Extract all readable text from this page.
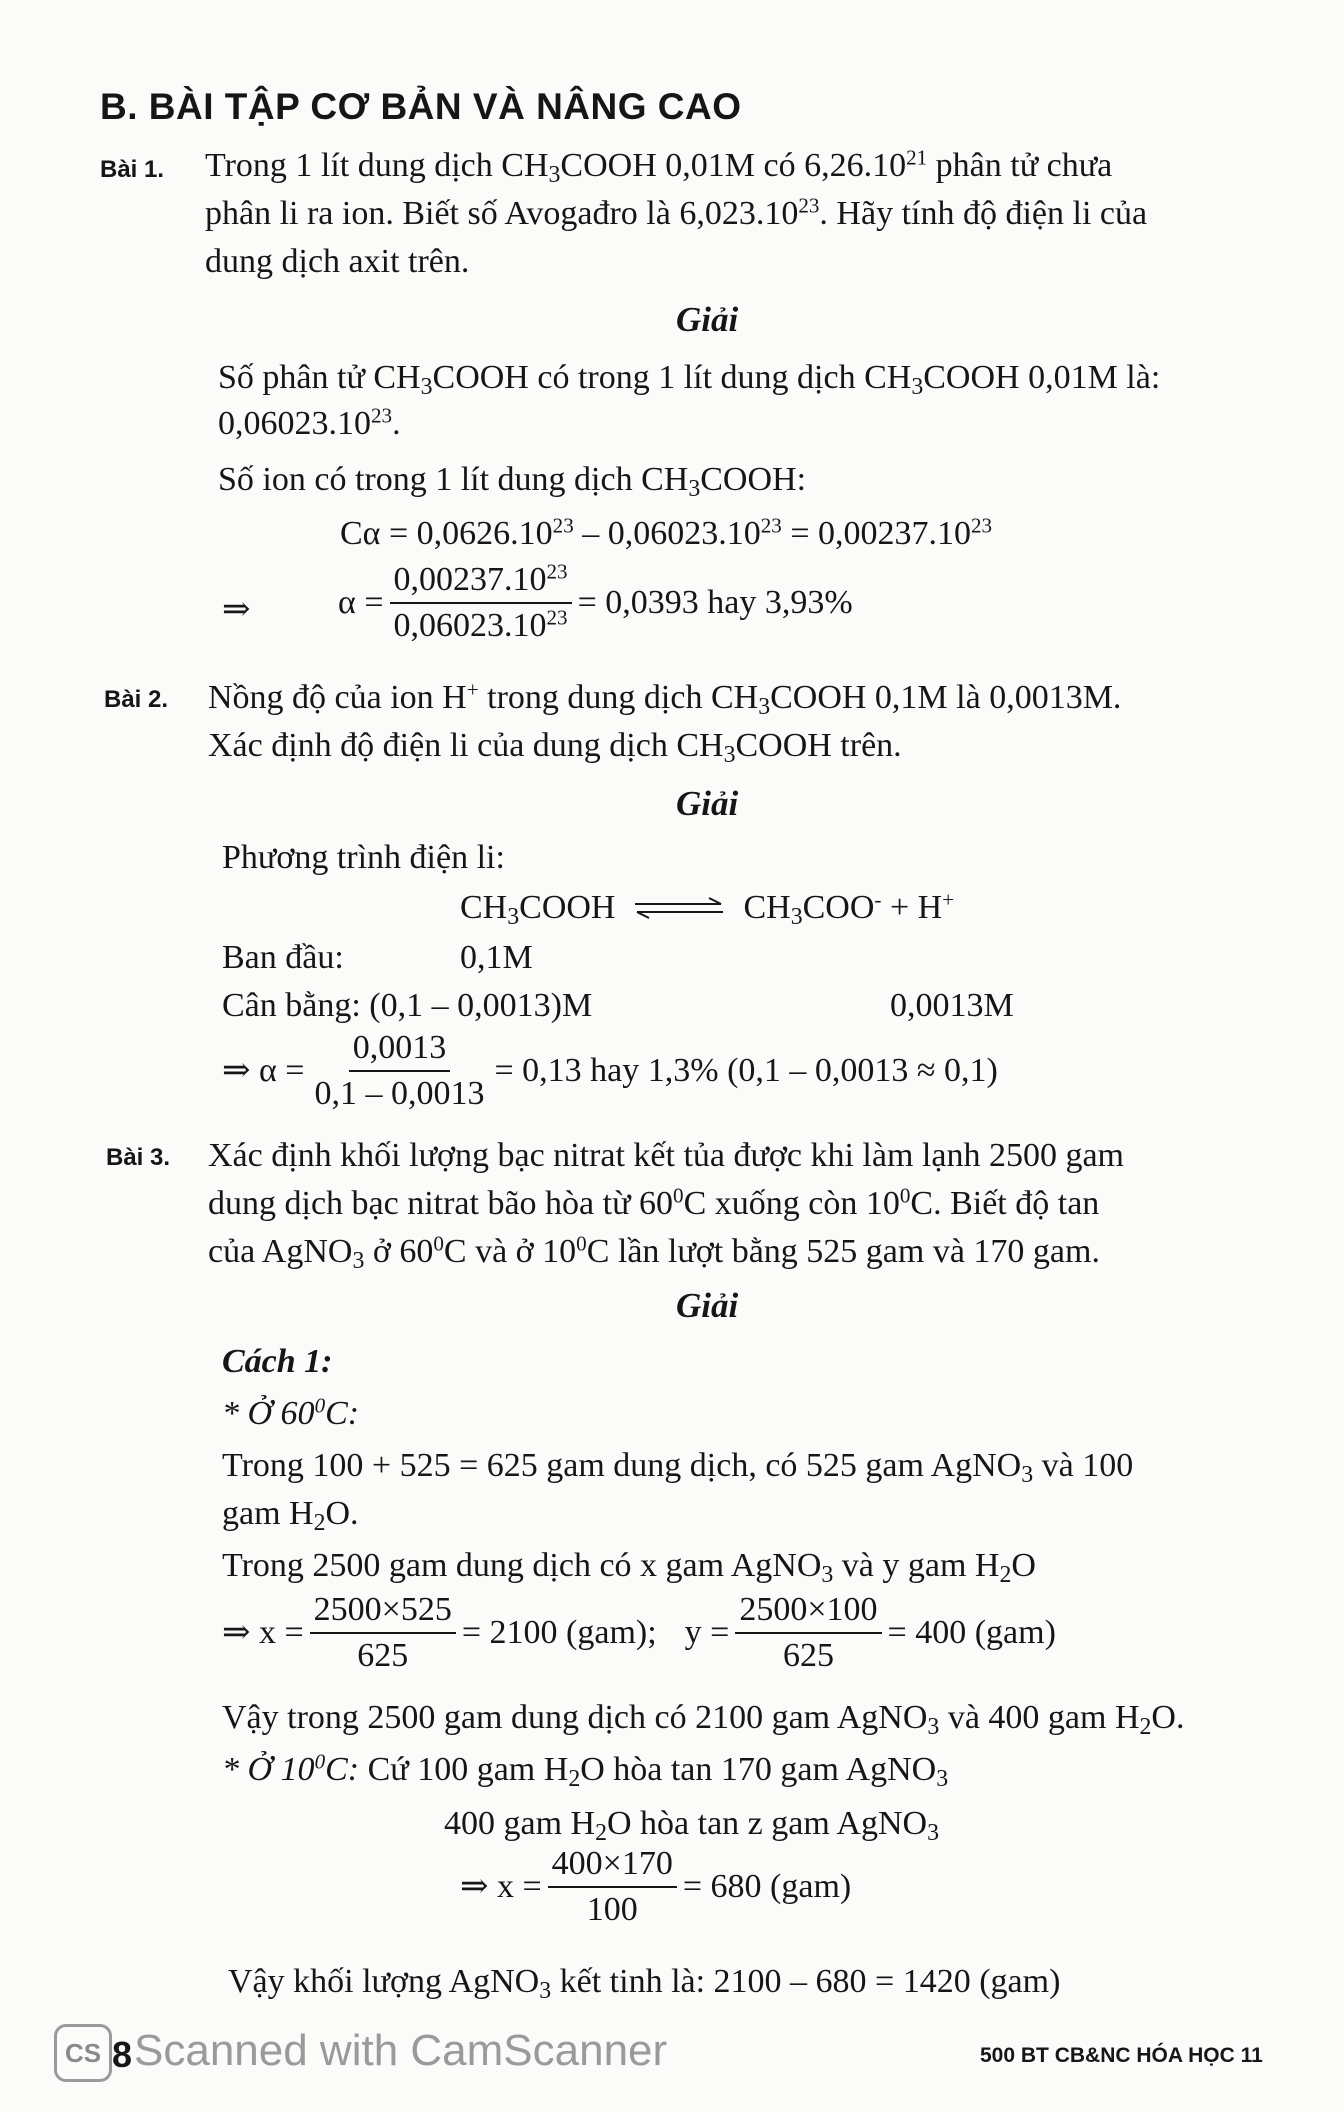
B. BÀI TẬP CƠ BẢN VÀ NÂNG CAO
Bài 1. Trong 1 lít dung dịch $CH_3COOH$ 0,01M có 6,26.10$^{21}$ phân tử chưa
phân li ra ion. Biết số Avogađro là 6,023.10$^{23}$. Hãy tính độ điện li của
dung dịch axit trên.
Giải
Số phân tử $CH_3COOH$ có trong 1 lít dung dịch $CH_3COOH$ 0,01M là:
0,06023.10$^{23}$.
Số ion có trong 1 lít dung dịch $CH_3COOH$:
$C\alpha = 0,0626.10^{23} - 0,06023.10^{23} = 0,00237.10^{23}$
⇒	$\alpha = \frac{0,00237.10^{23}}{0,06023.10^{23}} = 0,0393$ hay 3,93%
Bài 2. Nồng độ của ion H+ trong dung dịch $CH_3COOH$ 0,1M là 0,0013M.
Xác định độ điện li của dung dịch $CH_3COOH$ trên.
Giải
Phương trình điện li:
$CH_3COOH$ ⇌ $CH_3COO^- + H^+$
Ban đầu:	0,1M
Cân bằng: (0,1 – 0,0013)M	0,0013M
⇒ $\alpha = \frac{0,0013}{0,1 - 0,0013} = 0,13$ hay 1,3% (0,1 – 0,0013 ≈ 0,1)
Bài 3. Xác định khối lượng bạc nitrat kết tủa được khi làm lạnh 2500 gam
dung dịch bạc nitrat bão hòa từ $60^0C$ xuống còn $10^0C$. Biết độ tan
của AgNO$_3$ ở $60^0C$ và ở $10^0C$ lần lượt bằng 525 gam và 170 gam.
Giải
Cách 1:
* Ở $60^0C$:
Trong 100 + 525 = 625 gam dung dịch, có 525 gam AgNO$_3$ và 100
gam $H_2O$.
Trong 2500 gam dung dịch có x gam AgNO$_3$ và y gam $H_2O$
⇒ $x = \frac{2500\times 525}{625} = 2100$ (gam); $y = \frac{2500\times 100}{625} = 400$ (gam)
Vậy trong 2500 gam dung dịch có 2100 gam AgNO$_3$ và 400 gam $H_2O$.
* Ở $10^0C$: Cứ 100 gam $H_2O$ hòa tan 170 gam AgNO$_3$
400 gam $H_2O$ hòa tan z gam AgNO$_3$
⇒ $x = \frac{400\times 170}{100} = 680$ (gam)
Vậy khối lượng AgNO$_3$ kết tinh là: 2100 – 680 = 1420 (gam)
CS 8 Scanned with CamScanner	500 BT CB&NC HÓA HỌC 11
